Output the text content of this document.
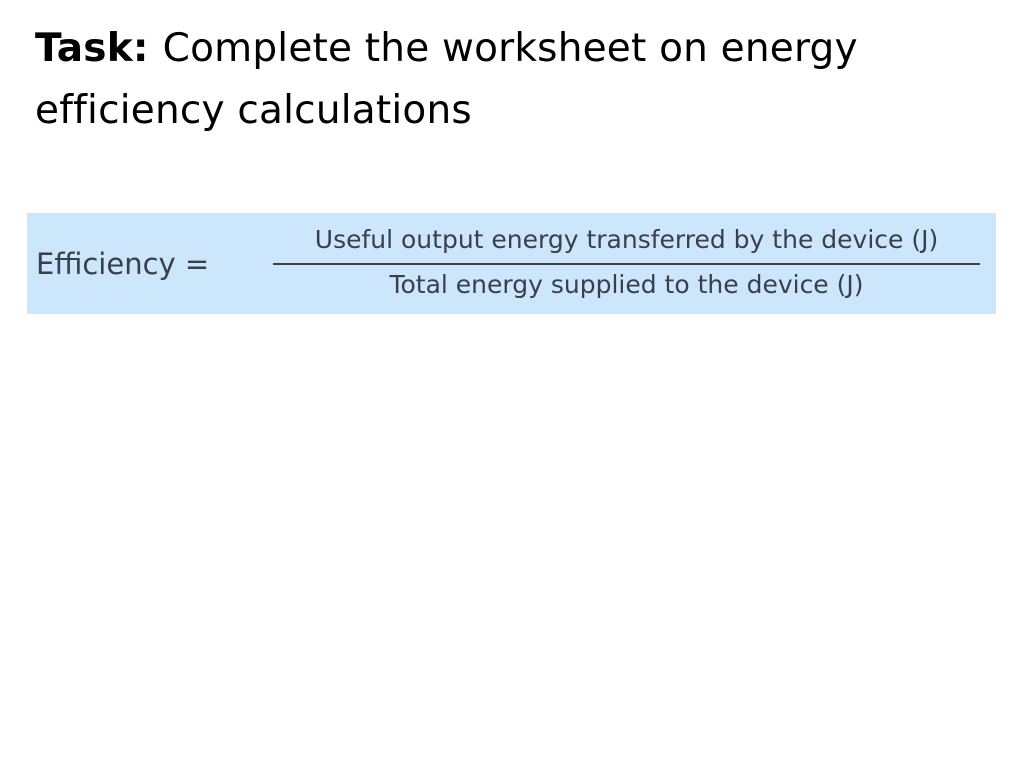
Task: Complete the worksheet on energy efficiency calculations
Efficiency =
Useful output energy transferred by the device (J)
Total energy supplied to the device (J)
